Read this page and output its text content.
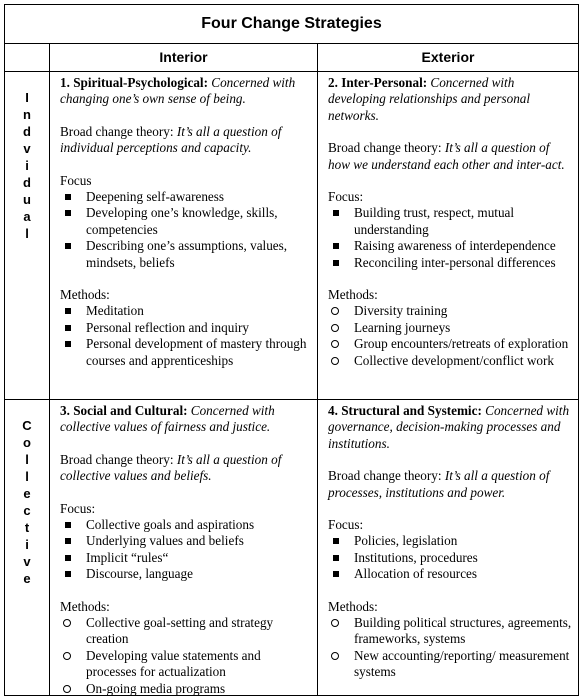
Four Change Strategies
Interior	Exterior
I
n
d
v
i
d
u
a
l
C
o
l
l
e
c
t
i
v
e

1. Spiritual-Psychological: Concerned with changing one’s own sense of being.

Broad change theory: It’s all a question of individual perceptions and capacity.

Focus

Deepening self-awareness
Developing one’s knowledge, skills, competencies
Describing one’s assumptions, values, mindsets, beliefs

Methods:

Meditation
Personal reflection and inquiry
Personal development of mastery through courses and apprenticeships

2. Inter-Personal: Concerned with developing relationships and personal networks.

Broad change theory: It’s all a question of how we understand each other and inter-act.

Focus:

Building trust, respect, mutual understanding
Raising awareness of interdependence
Reconciling inter-personal differences

Methods:

Diversity training
Learning journeys
Group encounters/retreats of exploration
Collective development/conflict work

3. Social and Cultural: Concerned with collective values of fairness and justice.

Broad change theory: It’s all a question of collective values and beliefs.

Focus:

Collective goals and aspirations
Underlying values and beliefs
Implicit “rules“
Discourse, language

Methods:

Collective goal-setting and strategy creation
Developing value statements and processes for actualization
On-going media programs

4. Structural and Systemic: Concerned with governance, decision-making processes and institutions.

Broad change theory: It’s all a question of processes, institutions and power.

Focus:

Policies, legislation
Institutions, procedures
Allocation of resources

Methods:

Building political structures, agreements, frameworks, systems
New accounting/reporting/ measurement systems
